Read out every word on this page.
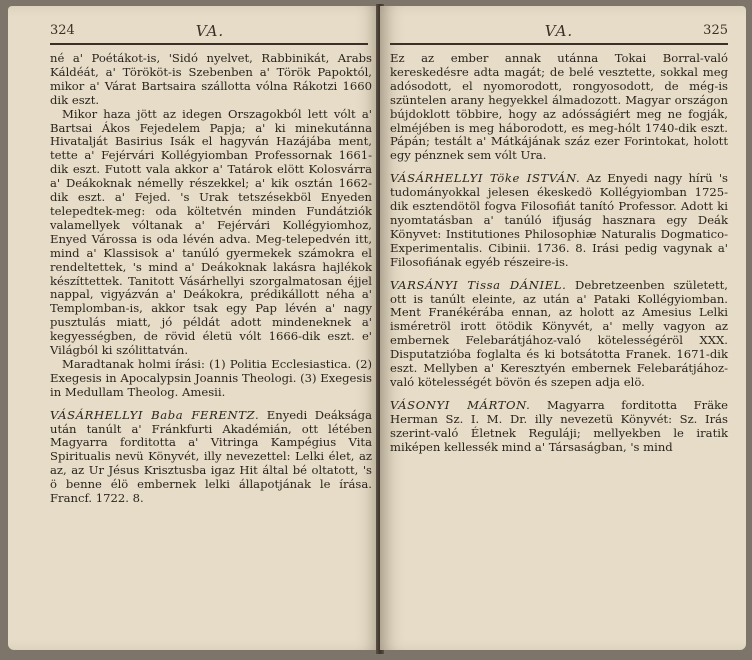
324	VA.

né a' Poétákot-is, 'Sidó nyelvet, Rabbinikát, Arabs Káldéát, a' Törököt-is Szebenben a' Török Papoktól, mikor a' Várat Bartsaira szállotta vólna Rákotzi 1660 dik eszt.

Mikor haza jött az idegen Orszagokból lett vólt a' Bartsai Ákos Fejedelem Papja; a' ki minekutánna Hivatalját Basirius Isák el hagyván Hazájába ment, tette a' Fejérvári Kollégyiomban Professornak 1661-dik eszt. Futott vala akkor a' Tatárok elött Kolosvárra a' Deákoknak némelly részekkel; a' kik osztán 1662-dik eszt. a' Fejed. 's Urak tetszésekböl Enyeden telepedtek-meg: oda költetvén minden Fundátziók valamellyek vóltanak a' Fejérvári Kollégyiomhoz, Enyed Várossa is oda lévén adva. Meg-telepedvén itt, mind a' Klassisok a' tanúló gyermekek számokra el rendeltettek, 's mind a' Deákoknak lakásra hajlékok készíttettek. Tanitott Vásárhellyi szorgalmatosan éjjel nappal, vigyázván a' Deákokra, prédikállott néha a' Templomban-is, akkor tsak egy Pap lévén a' nagy pusztulás miatt, jó példát adott mindeneknek a' kegyességben, de rövid életü vólt 1666-dik eszt. e' Világból ki szólittatván.

Maradtanak holmi írási: (1) Politia Ecclesiastica. (2) Exegesis in Apocalypsin Joannis Theologi. (3) Exegesis in Medullam Theolog. Amesii.

VÁSÁRHELLYI Baba FERENTZ. Enyedi Deáksága után tanúlt a' Fránkfurti Akadémián, ott létében Magyarra forditotta a' Vitringa Kampégius Vita Spiritualis nevü Könyvét, illy nevezettel: Lelki élet, az az, az Ur Jésus Krisztusba igaz Hit által bé oltatott, 's ö benne élö embernek lelki állapotjának le írása. Francf. 1722. 8.

VA.	325

Ez az ember annak utánna Tokai Borral-való kereskedésre adta magát; de belé vesztette, sokkal meg adósodott, el nyomorodott, rongyosodott, de még-is szüntelen arany hegyekkel álmadozott. Magyar országon bújdoklott többire, hogy az adósságiért meg ne fogják, elméjében is meg háborodott, es meg-hólt 1740-dik eszt. Pápán; testált a' Mátkájának száz ezer Forintokat, holott egy pénznek sem vólt Ura.

VÁSÁRHELLYI Töke ISTVÁN. Az Enyedi nagy hírü 's tudományokkal jelesen ékeskedö Kollégyiomban 1725-dik esztendötöl fogva Filosofiát tanító Professor. Adott ki nyomtatásban a' tanúló ifjuság hasznara egy Deák Könyvet: Institutiones Philosophiæ Naturalis Dogmatico-Experimentalis. Cibinii. 1736. 8. Irási pedig vagynak a' Filosofiának egyéb részeire-is.

VARSÁNYI Tissa DÁNIEL. Debretzeenben született, ott is tanúlt eleinte, az után a' Pataki Kollégyiomban. Ment Franékérába ennan, az holott az Amesius Lelki isméretröl irott ötödik Könyvét, a' melly vagyon az embernek Felebarátjához-való kötelességéröl XXX. Disputatzióba foglalta és ki botsátotta Franek. 1671-dik eszt. Mellyben a' Keresztyén embernek Felebarátjához-való kötelességét bövön és szepen adja elö.

VÁSONYI MÁRTON. Magyarra forditotta Fräke Herman Sz. I. M. Dr. illy nevezetü Könyvét: Sz. Irás szerint-való Életnek Reguláji; mellyekben le iratik miképen kellessék mind a' Társaságban, 's mind
